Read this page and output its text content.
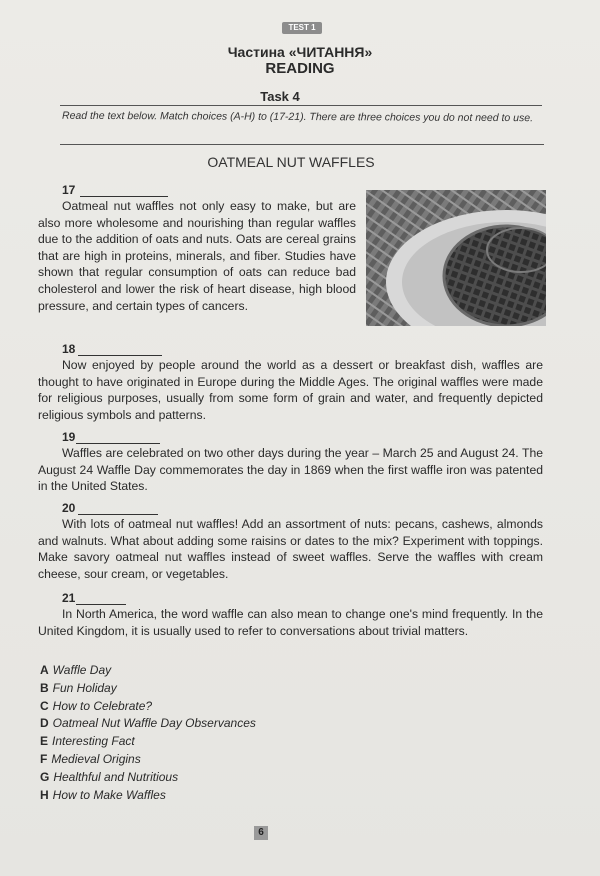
TEST 1
Частина «ЧИТАННЯ»
READING
Task 4
Read the text below. Match choices (A-H) to (17-21). There are three choices you do not need to use.
OATMEAL NUT WAFFLES
17
Oatmeal nut waffles not only easy to make, but are also more wholesome and nourishing than regular waffles due to the addition of oats and nuts. Oats are cereal grains that are high in proteins, minerals, and fiber. Studies have shown that regular consumption of oats can reduce bad cholesterol and lower the risk of heart disease, high blood pressure, and certain types of cancers.
18
Now enjoyed by people around the world as a dessert or breakfast dish, waffles are thought to have originated in Europe during the Middle Ages. The original waffles were made for religious purposes, usually from some form of grain and water, and frequently depicted religious symbols and patterns.
19
Waffles are celebrated on two other days during the year – March 25 and August 24. The August 24 Waffle Day commemorates the day in 1869 when the first waffle iron was patented in the United States.
20
With lots of oatmeal nut waffles! Add an assortment of nuts: pecans, cashews, almonds and walnuts. What about adding some raisins or dates to the mix? Experiment with toppings. Make savory oatmeal nut waffles instead of sweet waffles. Serve the waffles with cream cheese, sour cream, or vegetables.
21
In North America, the word waffle can also mean to change one's mind frequently. In the United Kingdom, it is usually used to refer to conversations about trivial matters.
A Waffle Day
B Fun Holiday
C How to Celebrate?
D Oatmeal Nut Waffle Day Observances
E Interesting Fact
F Medieval Origins
G Healthful and Nutritious
H How to Make Waffles
6
